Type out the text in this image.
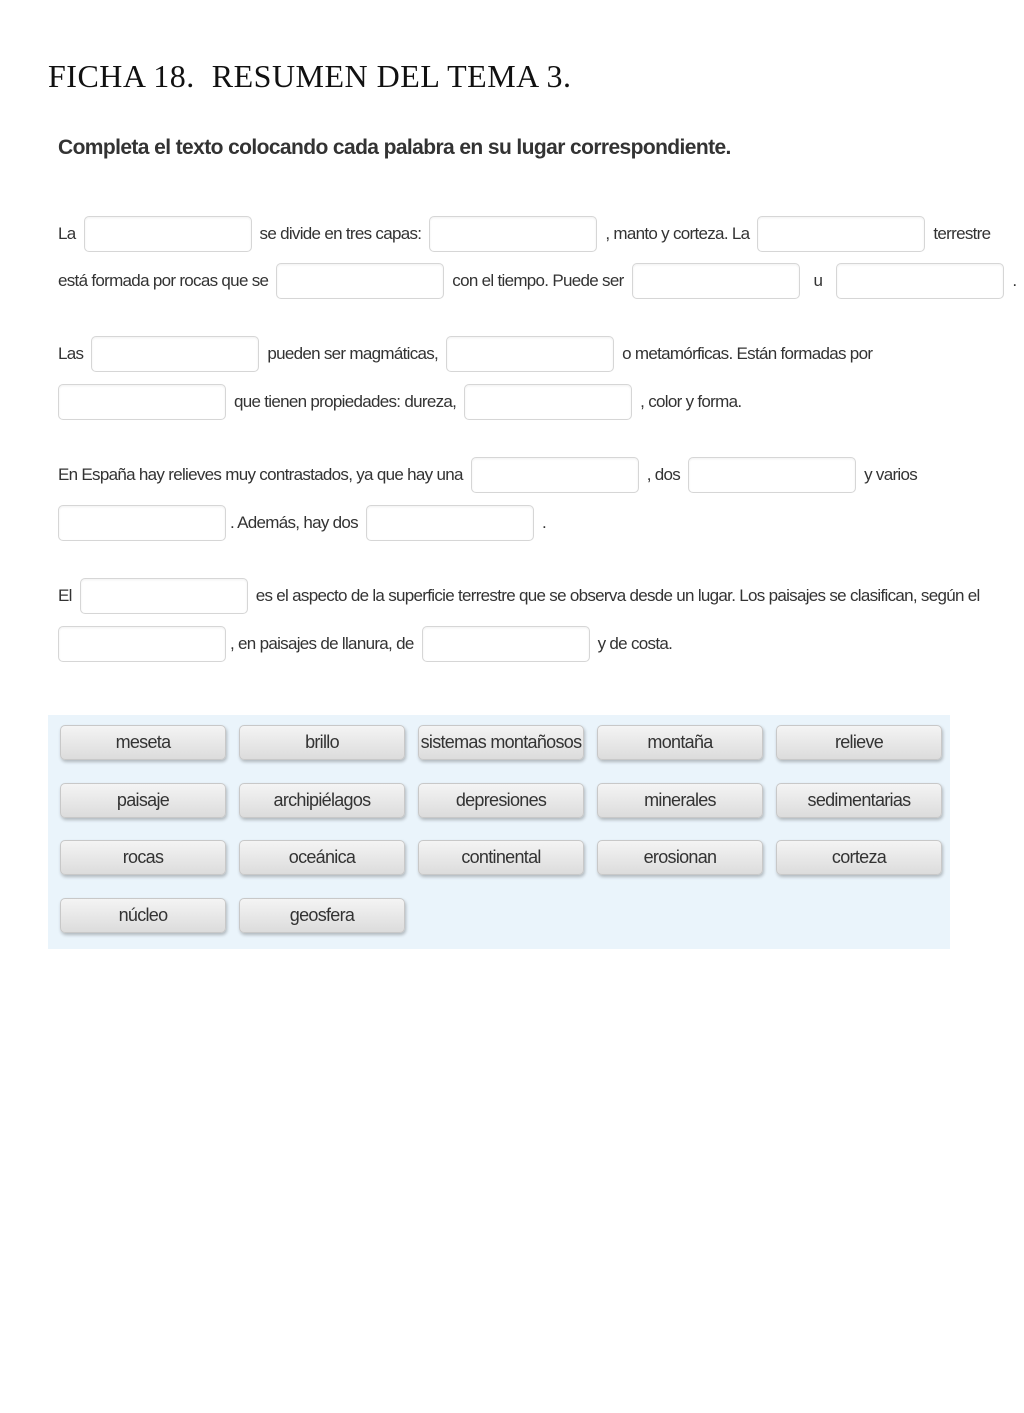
FICHA 18.  RESUMEN DEL TEMA 3.
Completa el texto colocando cada palabra en su lugar correspondiente.
La	se divide en tres capas:	, manto y corteza. La	terrestre
está formada por rocas que se	con el tiempo. Puede ser	u	.
Las	pueden ser magmáticas,	o metamórficas. Están formadas por
que tienen propiedades: dureza,	, color y forma.
En España hay relieves muy contrastados, ya que hay una	, dos	y varios
. Además, hay dos	.
El	es el aspecto de la superficie terrestre que se observa desde un lugar. Los paisajes se clasifican, según el
, en paisajes de llanura, de	y de costa.
meseta	brillo	sistemas montañosos	montaña	relieve
paisaje	archipiélagos	depresiones	minerales	sedimentarias
rocas	oceánica	continental	erosionan	corteza
núcleo	geosfera
